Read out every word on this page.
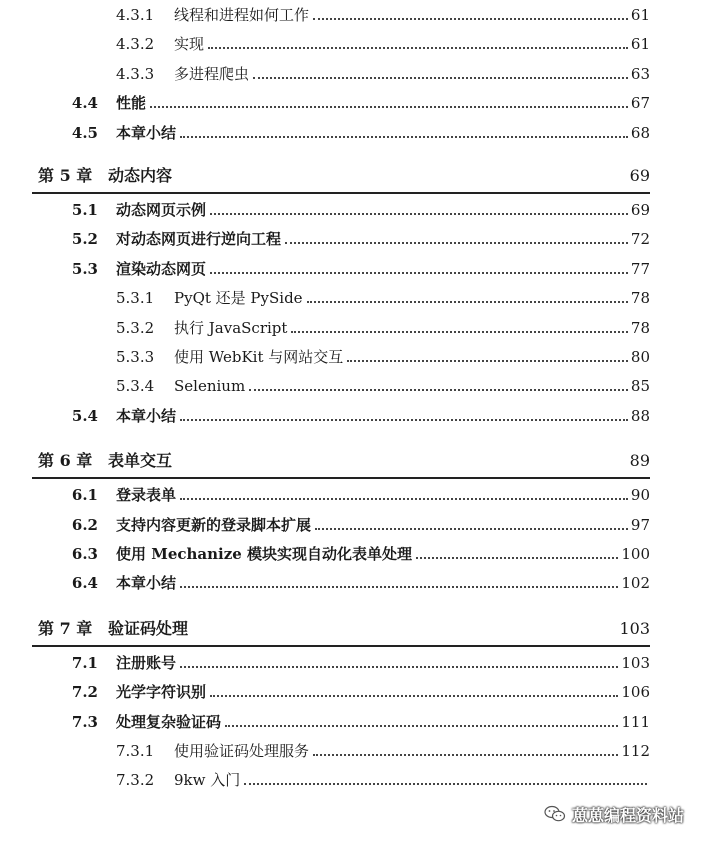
4.3.1 线程和进程如何工作	61
4.3.2 实现	61
4.3.3 多进程爬虫	63
4.4 性能	67
4.5 本章小结	68
第 5 章 动态内容	69
5.1 动态网页示例	69
5.2 对动态网页进行逆向工程	72
5.3 渲染动态网页	77
5.3.1 PyQt 还是 PySide	78
5.3.2 执行 JavaScript	78
5.3.3 使用 WebKit 与网站交互	80
5.3.4 Selenium	85
5.4 本章小结	88
第 6 章 表单交互	89
6.1 登录表单	90
6.2 支持内容更新的登录脚本扩展	97
6.3 使用 Mechanize 模块实现自动化表单处理	100
6.4 本章小结	102
第 7 章 验证码处理	103
7.1 注册账号	103
7.2 光学字符识别	106
7.3 处理复杂验证码	111
7.3.1 使用验证码处理服务	112
7.3.2 9kw 入门
葸葸编程资料站
